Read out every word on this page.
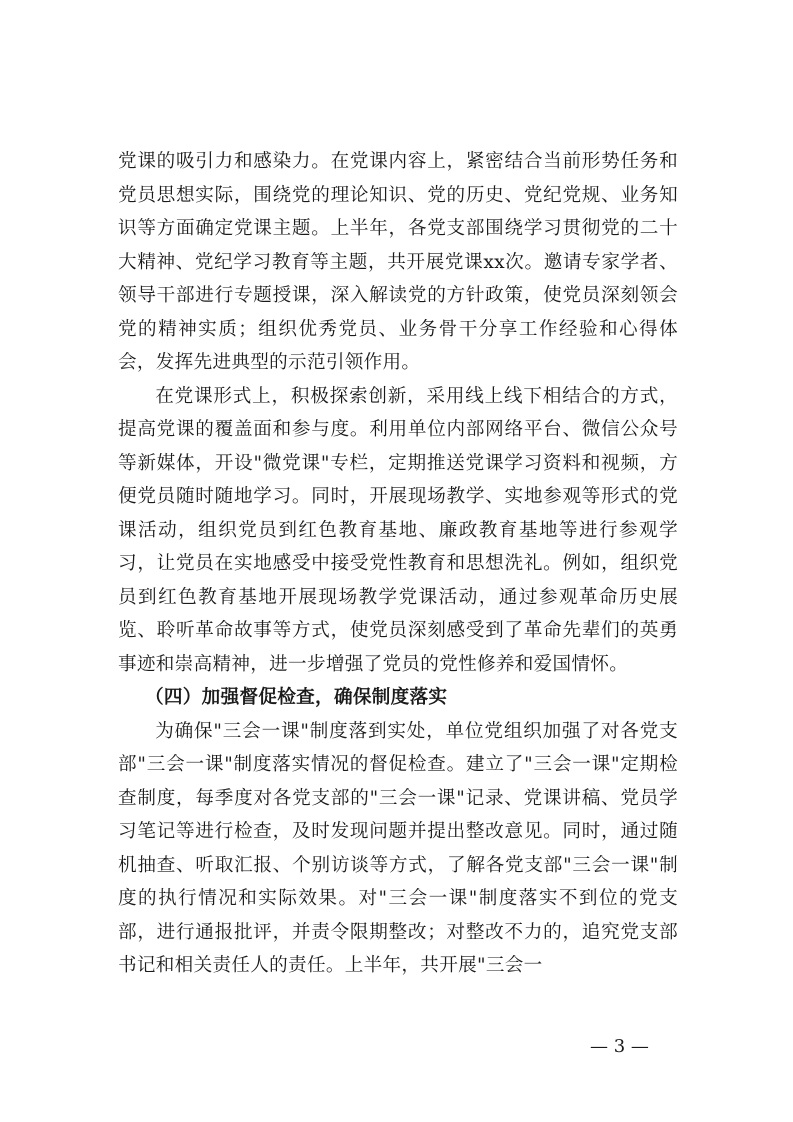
党课的吸引力和感染力。在党课内容上，紧密结合当前形势任务和党员思想实际，围绕党的理论知识、党的历史、党纪党规、业务知识等方面确定党课主题。上半年，各党支部围绕学习贯彻党的二十大精神、党纪学习教育等主题，共开展党课xx次。邀请专家学者、领导干部进行专题授课，深入解读党的方针政策，使党员深刻领会党的精神实质；组织优秀党员、业务骨干分享工作经验和心得体会，发挥先进典型的示范引领作用。

在党课形式上，积极探索创新，采用线上线下相结合的方式，提高党课的覆盖面和参与度。利用单位内部网络平台、微信公众号等新媒体，开设"微党课"专栏，定期推送党课学习资料和视频，方便党员随时随地学习。同时，开展现场教学、实地参观等形式的党课活动，组织党员到红色教育基地、廉政教育基地等进行参观学习，让党员在实地感受中接受党性教育和思想洗礼。例如，组织党员到红色教育基地开展现场教学党课活动，通过参观革命历史展览、聆听革命故事等方式，使党员深刻感受到了革命先辈们的英勇事迹和崇高精神，进一步增强了党员的党性修养和爱国情怀。

（四）加强督促检查，确保制度落实

为确保"三会一课"制度落到实处，单位党组织加强了对各党支部"三会一课"制度落实情况的督促检查。建立了"三会一课"定期检查制度，每季度对各党支部的"三会一课"记录、党课讲稿、党员学习笔记等进行检查，及时发现问题并提出整改意见。同时，通过随机抽查、听取汇报、个别访谈等方式，了解各党支部"三会一课"制度的执行情况和实际效果。对"三会一课"制度落实不到位的党支部，进行通报批评，并责令限期整改；对整改不力的，追究党支部书记和相关责任人的责任。上半年，共开展"三会一

— 3 —
